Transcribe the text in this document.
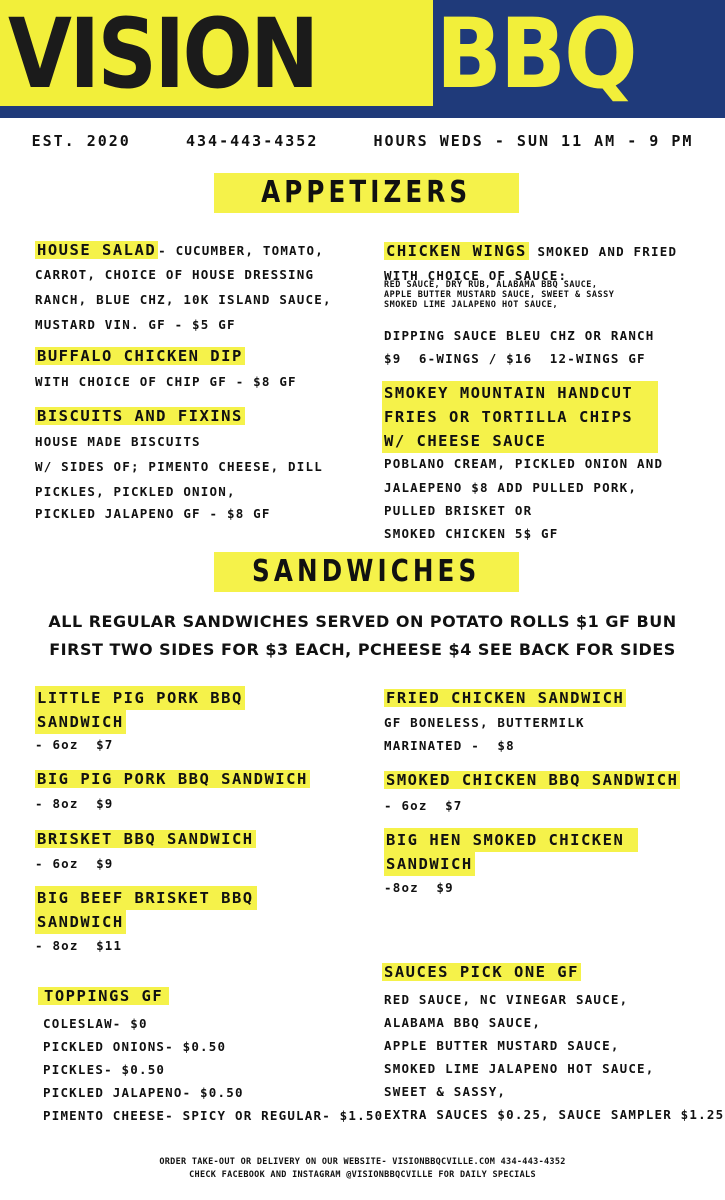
VISION BBQ
EST. 2020	434-443-4352	HOURS WEDS - SUN 11 AM - 9 PM
APPETIZERS
HOUSE SALAD - CUCUMBER, TOMATO,
CARROT, CHOICE OF HOUSE DRESSING
RANCH, BLUE CHZ, 10K ISLAND SAUCE,
MUSTARD VIN. GF - $5 GF
BUFFALO CHICKEN DIP
WITH CHOICE OF CHIP GF - $8 GF
BISCUITS AND FIXINS
HOUSE MADE BISCUITS
W/ SIDES OF; PIMENTO CHEESE, DILL
PICKLES, PICKLED ONION,
PICKLED JALAPENO GF - $8 GF
CHICKEN WINGS SMOKED AND FRIED
WITH CHOICE OF SAUCE:
RED SAUCE, DRY RUB, ALABAMA BBQ SAUCE,
APPLE BUTTER MUSTARD SAUCE, SWEET & SASSY
SMOKED LIME JALAPENO HOT SAUCE,
DIPPING SAUCE BLEU CHZ OR RANCH
$9  6-WINGS / $16  12-WINGS GF
SMOKEY MOUNTAIN HANDCUT
FRIES OR TORTILLA CHIPS
W/ CHEESE SAUCE
POBLANO CREAM, PICKLED ONION AND
JALAEPENO $8 ADD PULLED PORK,
PULLED BRISKET OR
SMOKED CHICKEN 5$ GF
SANDWICHES
ALL REGULAR SANDWICHES SERVED ON POTATO ROLLS $1 GF BUN
FIRST TWO SIDES FOR $3 EACH, PCHEESE $4 SEE BACK FOR SIDES
LITTLE PIG PORK BBQ
SANDWICH
- 6oz  $7
BIG PIG PORK BBQ SANDWICH
- 8oz  $9
BRISKET BBQ SANDWICH
- 6oz  $9
BIG BEEF BRISKET BBQ
SANDWICH
- 8oz  $11
FRIED CHICKEN SANDWICH
GF BONELESS, BUTTERMILK
MARINATED -  $8
SMOKED CHICKEN BBQ SANDWICH
- 6oz  $7
BIG HEN SMOKED CHICKEN
SANDWICH
-8oz  $9
TOPPINGS GF
COLESLAW- $0
PICKLED ONIONS- $0.50
PICKLES- $0.50
PICKLED JALAPENO- $0.50
PIMENTO CHEESE- SPICY OR REGULAR- $1.50
SAUCES PICK ONE GF
RED SAUCE, NC VINEGAR SAUCE,
ALABAMA BBQ SAUCE,
APPLE BUTTER MUSTARD SAUCE,
SMOKED LIME JALAPENO HOT SAUCE,
SWEET & SASSY,
EXTRA SAUCES $0.25, SAUCE SAMPLER $1.25
ORDER TAKE-OUT OR DELIVERY ON OUR WEBSITE- VISIONBBQCVILLE.COM 434-443-4352
CHECK FACEBOOK AND INSTAGRAM @VISIONBBQCVILLE FOR DAILY SPECIALS
